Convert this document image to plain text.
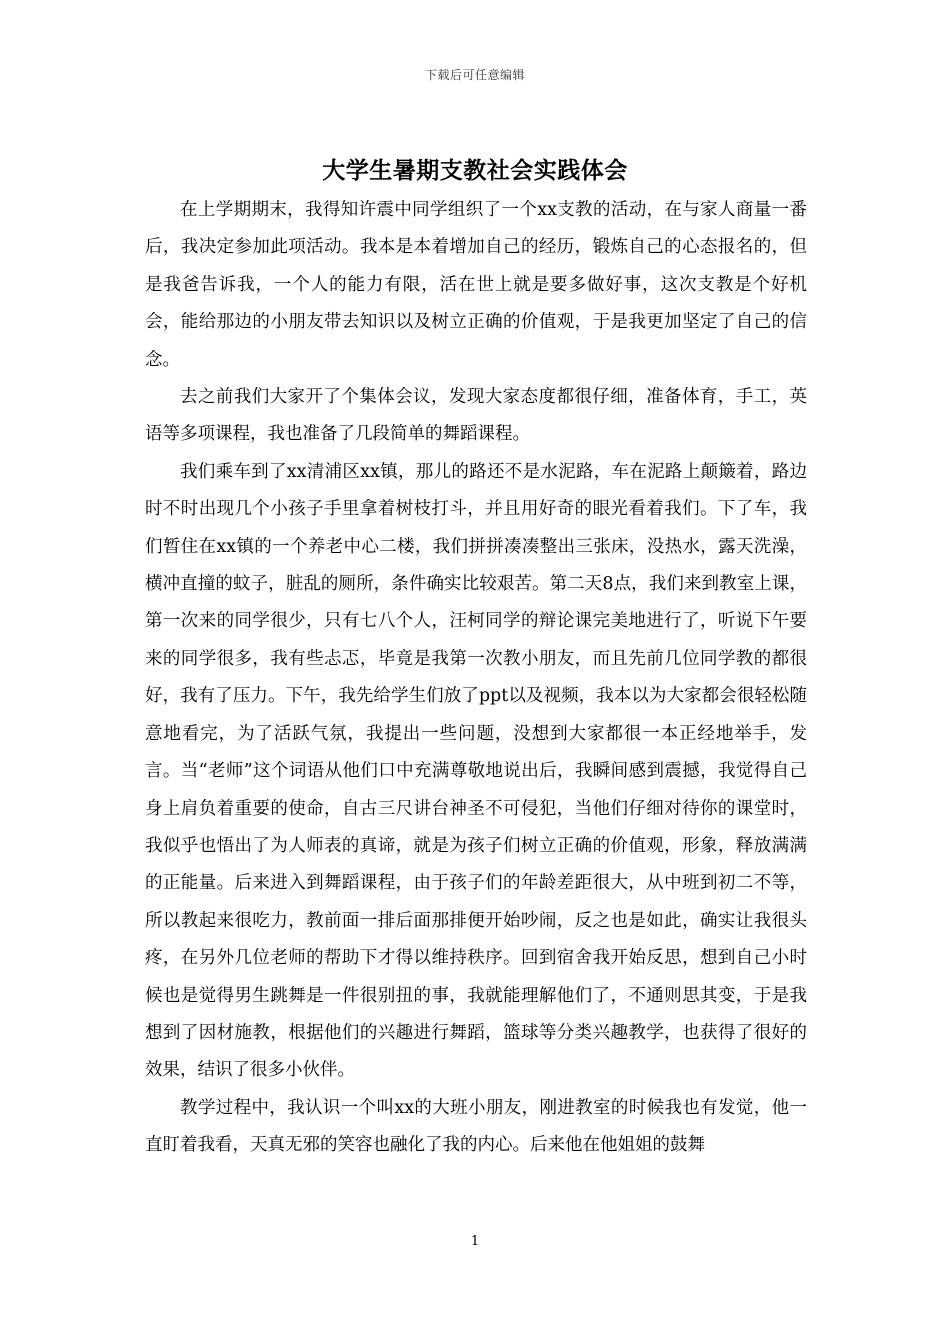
下载后可任意编辑
大学生暑期支教社会实践体会

在上学期期末，我得知许震中同学组织了一个xx支教的活动，在与家人商量一番后，我决定参加此项活动。我本是本着增加自己的经历，锻炼自己的心态报名的，但是我爸告诉我，一个人的能力有限，活在世上就是要多做好事，这次支教是个好机会，能给那边的小朋友带去知识以及树立正确的价值观，于是我更加坚定了自己的信念。

去之前我们大家开了个集体会议，发现大家态度都很仔细，准备体育，手工，英语等多项课程，我也准备了几段简单的舞蹈课程。

我们乘车到了xx清浦区xx镇，那儿的路还不是水泥路，车在泥路上颠簸着，路边时不时出现几个小孩子手里拿着树枝打斗，并且用好奇的眼光看着我们。下了车，我们暂住在xx镇的一个养老中心二楼，我们拼拼凑凑整出三张床，没热水，露天洗澡，横冲直撞的蚊子，脏乱的厕所，条件确实比较艰苦。第二天8点，我们来到教室上课，第一次来的同学很少，只有七八个人，汪柯同学的辩论课完美地进行了，听说下午要来的同学很多，我有些忐忑，毕竟是我第一次教小朋友，而且先前几位同学教的都很好，我有了压力。下午，我先给学生们放了ppt以及视频，我本以为大家都会很轻松随意地看完，为了活跃气氛，我提出一些问题，没想到大家都很一本正经地举手，发言。当“老师”这个词语从他们口中充满尊敬地说出后，我瞬间感到震撼，我觉得自己身上肩负着重要的使命，自古三尺讲台神圣不可侵犯，当他们仔细对待你的课堂时，我似乎也悟出了为人师表的真谛，就是为孩子们树立正确的价值观，形象，释放满满的正能量。后来进入到舞蹈课程，由于孩子们的年龄差距很大，从中班到初二不等，所以教起来很吃力，教前面一排后面那排便开始吵闹，反之也是如此，确实让我很头疼，在另外几位老师的帮助下才得以维持秩序。回到宿舍我开始反思，想到自己小时候也是觉得男生跳舞是一件很别扭的事，我就能理解他们了，不通则思其变，于是我想到了因材施教，根据他们的兴趣进行舞蹈，篮球等分类兴趣教学，也获得了很好的效果，结识了很多小伙伴。

教学过程中，我认识一个叫xx的大班小朋友，刚进教室的时候我也有发觉，他一直盯着我看，天真无邪的笑容也融化了我的内心。后来他在他姐姐的鼓舞

1
